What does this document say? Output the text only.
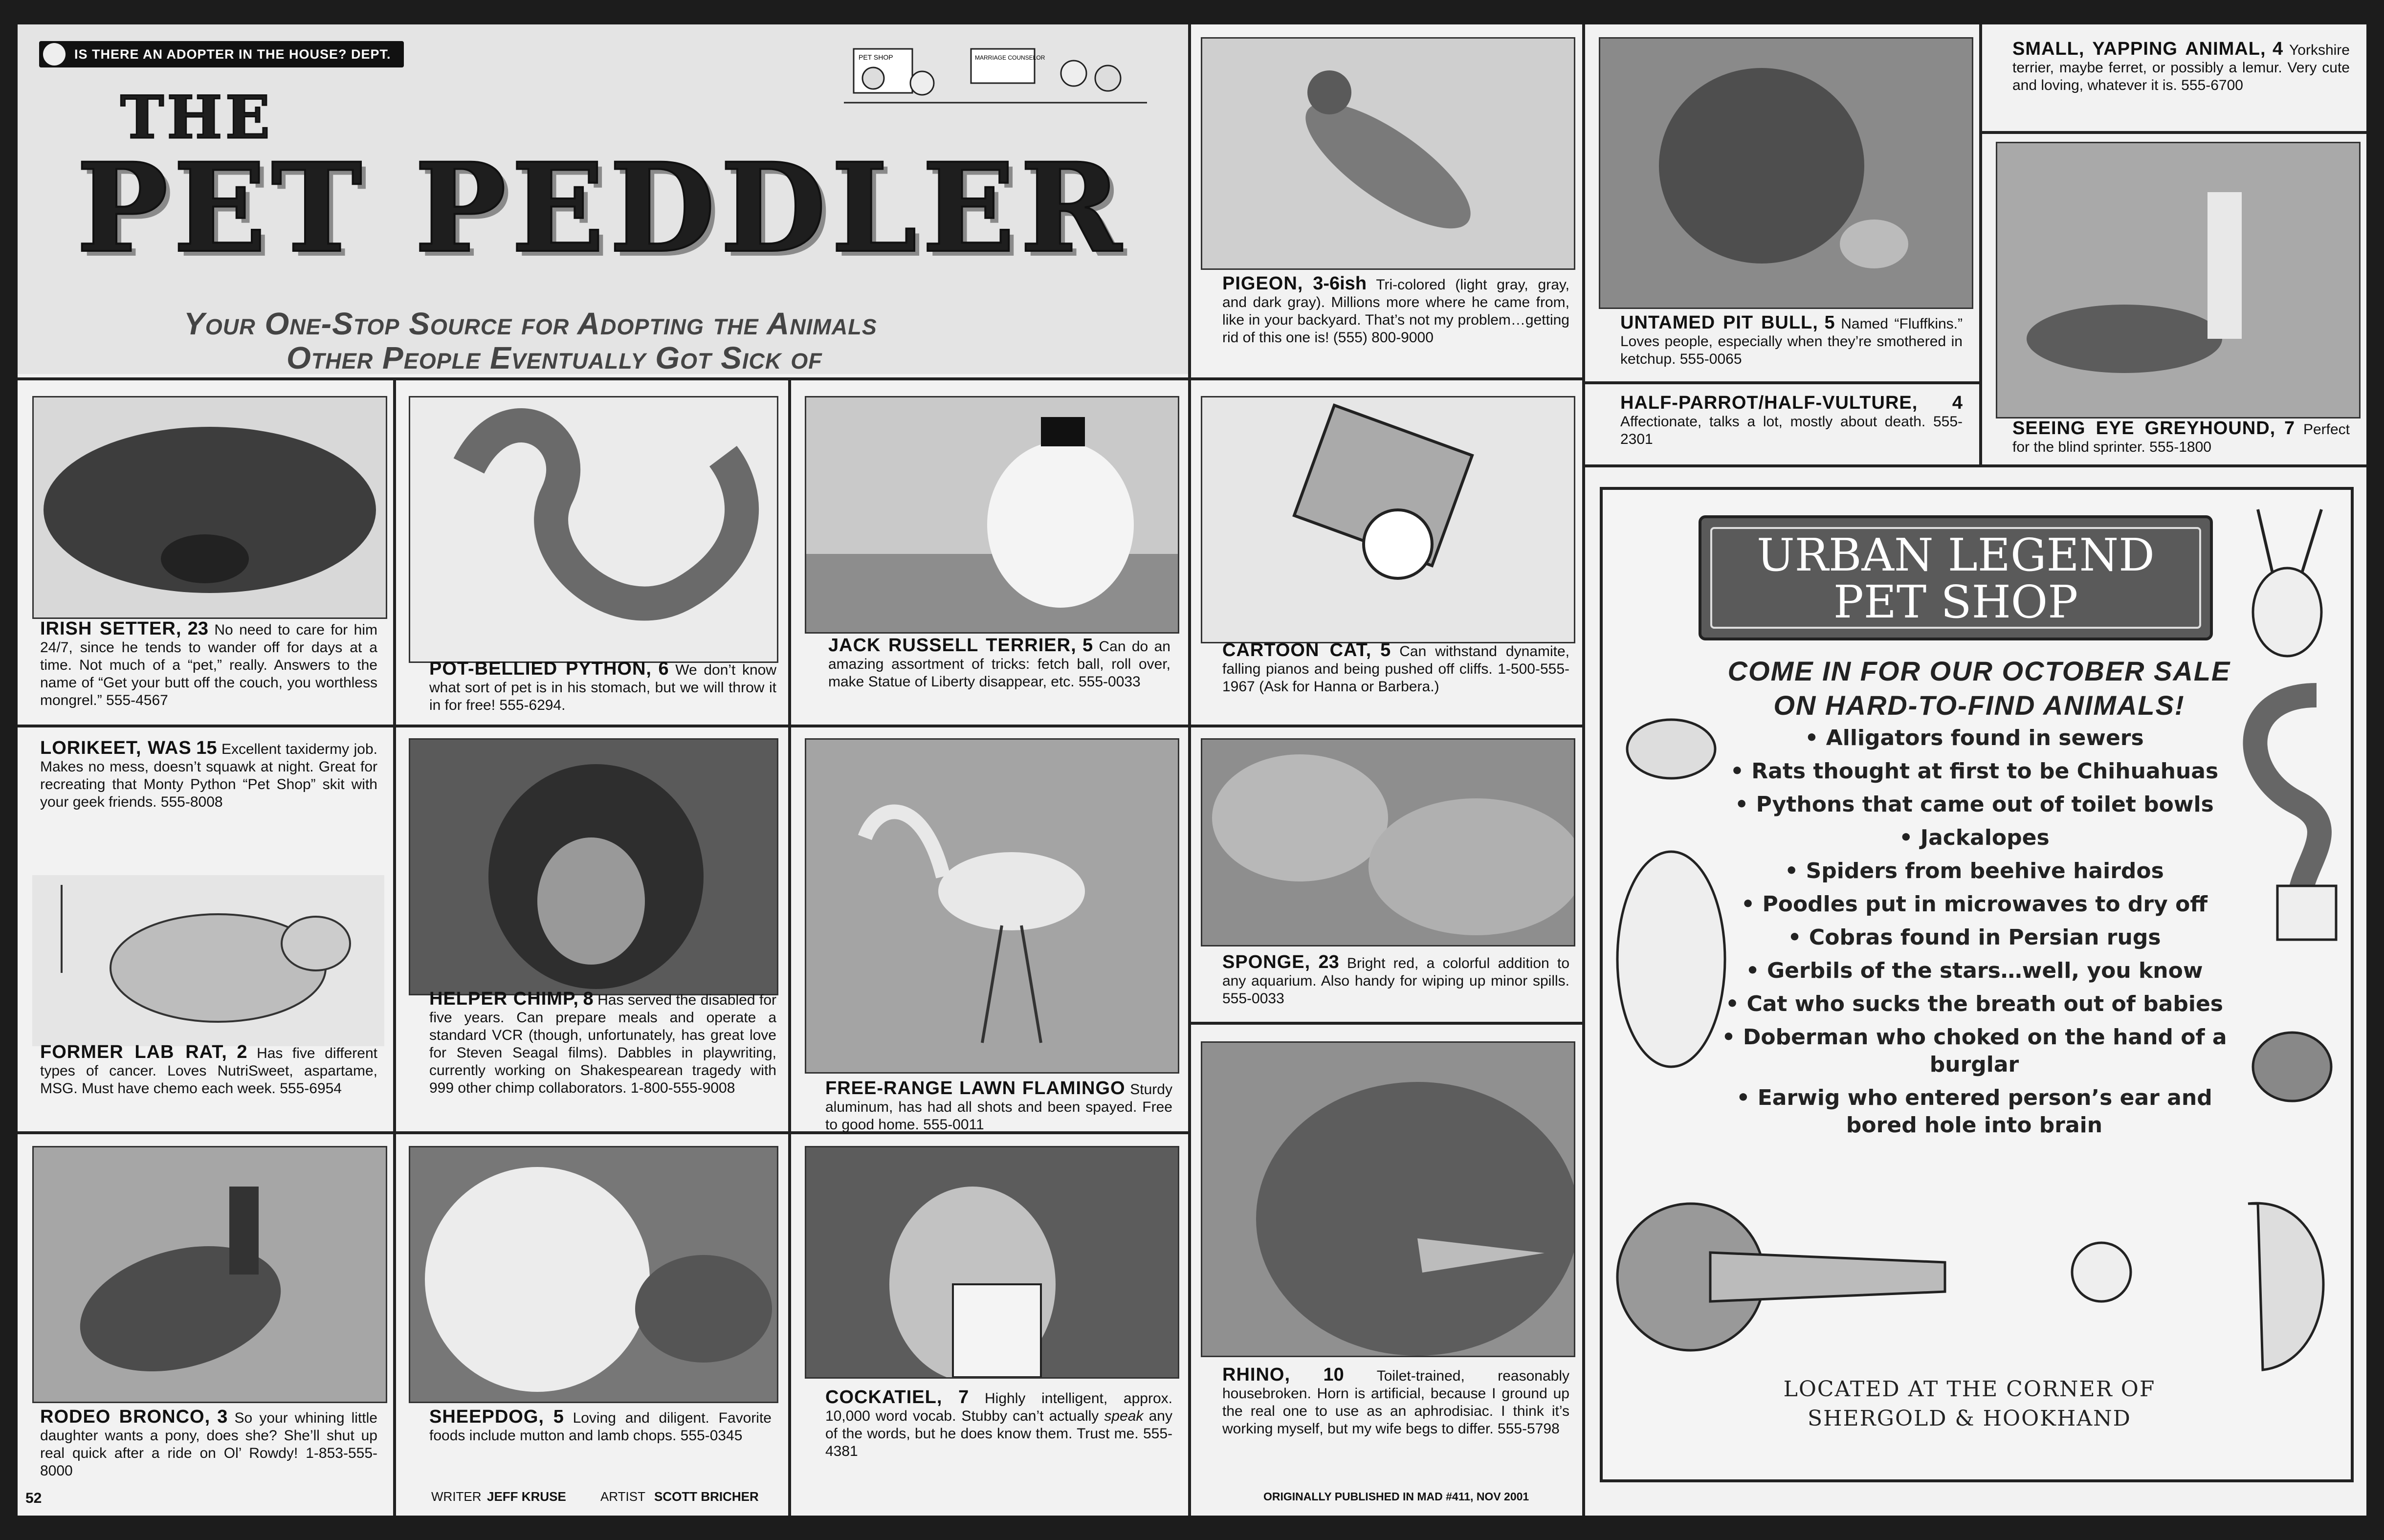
IS THERE AN ADOPTER IN THE HOUSE? DEPT.	PET SHOP	MARRIAGE COUNSELOR
THE
PET PEDDLER
Your One-Stop Source for Adopting the Animals
Other People Eventually Got Sick of
PIGEON, 3-6ish Tri-colored (light gray, gray, and dark gray). Millions more where he came from, like in your backyard. That’s not my problem…getting rid of this one is! (555) 800-9000
UNTAMED PIT BULL, 5 Named “Fluffkins.” Loves people, especially when they’re smothered in ketchup. 555-0065
HALF-PARROT/HALF-VULTURE, 4 Affectionate, talks a lot, mostly about death. 555-2301
SMALL, YAPPING ANIMAL, 4 Yorkshire terrier, maybe ferret, or possibly a lemur. Very cute and loving, whatever it is. 555-6700
SEEING EYE GREYHOUND, 7 Perfect for the blind sprinter. 555-1800
IRISH SETTER, 23 No need to care for him 24/7, since he tends to wander off for days at a time. Not much of a “pet,” really. Answers to the name of “Get your butt off the couch, you worthless mongrel.” 555-4567
POT-BELLIED PYTHON, 6 We don’t know what sort of pet is in his stomach, but we will throw it in for free! 555-6294.
JACK RUSSELL TERRIER, 5 Can do an amazing assortment of tricks: fetch ball, roll over, make Statue of Liberty disappear, etc. 555-0033
CARTOON CAT, 5 Can withstand dynamite, falling pianos and being pushed off cliffs. 1-500-555-1967 (Ask for Hanna or Barbera.)
LORIKEET, WAS 15 Excellent taxidermy job. Makes no mess, doesn’t squawk at night. Great for recreating that Monty Python “Pet Shop” skit with your geek friends. 555-8008
HELPER CHIMP, 8 Has served the disabled for five years. Can prepare meals and operate a standard VCR (though, unfortunately, has great love for Steven Seagal films). Dabbles in playwriting, currently working on Shakespearean tragedy with 999 other chimp collaborators. 1-800-555-9008	FREE-RANGE LAWN FLAMINGO Sturdy aluminum, has had all shots and been spayed. Free to good home. 555-0011
SPONGE, 23 Bright red, a colorful addition to any aquarium. Also handy for wiping up minor spills. 555-0033
FORMER LAB RAT, 2 Has five different types of cancer. Loves NutriSweet, aspartame, MSG. Must have chemo each week. 555-6954
RHINO, 10 Toilet-trained, reasonably housebroken. Horn is artificial, because I ground up the real one to use as an aphrodisiac. I think it’s working myself, but my wife begs to differ. 555-5798
RODEO BRONCO, 3 So your whining little daughter wants a pony, does she? She’ll shut up real quick after a ride on Ol’ Rowdy! 1-853-555-8000
SHEEPDOG, 5 Loving and diligent. Favorite foods include mutton and lamb chops. 555-0345
COCKATIEL, 7 Highly intelligent, approx. 10,000 word vocab. Stubby can’t actually speak any of the words, but he does know them. Trust me. 555-4381
URBAN LEGEND
PET SHOP
COME IN FOR OUR OCTOBER SALE
ON HARD-TO-FIND ANIMALS!
• Alligators found in sewers
• Rats thought at first to be Chihuahuas
• Pythons that came out of toilet bowls
• Jackalopes
• Spiders from beehive hairdos
• Poodles put in microwaves to dry off
• Cobras found in Persian rugs
• Gerbils of the stars…well, you know
• Cat who sucks the breath out of babies
• Doberman who choked on the hand of a burglar
• Earwig who entered person’s ear and bored hole into brain
LOCATED AT THE CORNER OF
SHERGOLD & HOOKHAND
52	WRITER JEFF KRUSE	ARTIST SCOTT BRICHER	ORIGINALLY PUBLISHED IN MAD #411, NOV 2001
